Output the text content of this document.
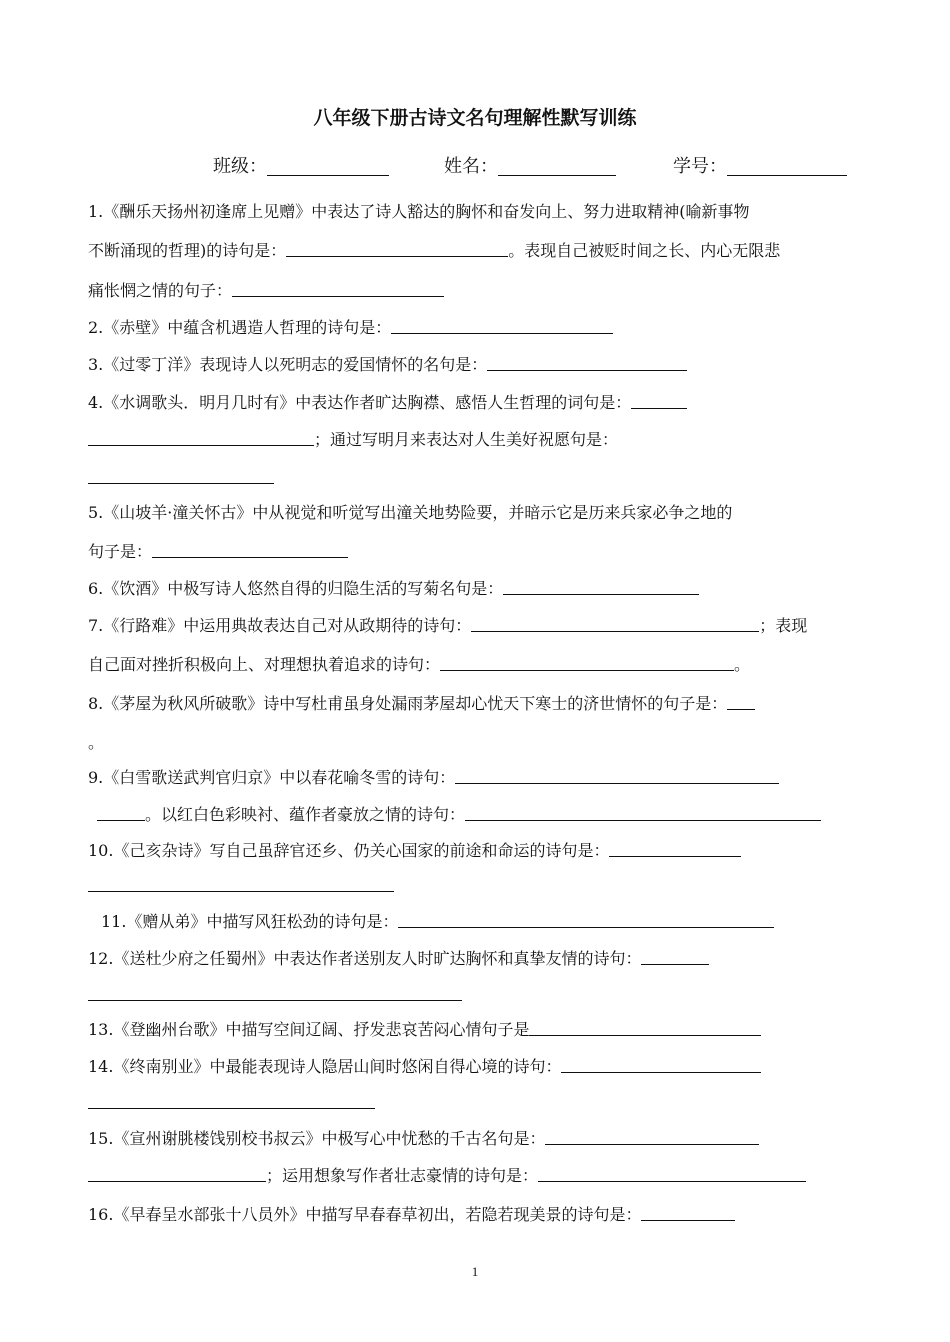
八年级下册古诗文名句理解性默写训练
班级：	姓名：	学号：
1.《酬乐天扬州初逢席上见赠》中表达了诗人豁达的胸怀和奋发向上、努力进取精神(喻新事物
不断涌现的哲理)的诗句是：	。表现自己被贬时间之长、内心无限悲
痛怅惘之情的句子：
2.《赤壁》中蕴含机遇造人哲理的诗句是：
3.《过零丁洋》表现诗人以死明志的爱国情怀的名句是：
4.《水调歌头．明月几时有》中表达作者旷达胸襟、感悟人生哲理的词句是：
；通过写明月来表达对人生美好祝愿句是：
5.《山坡羊·潼关怀古》中从视觉和听觉写出潼关地势险要，并暗示它是历来兵家必争之地的
句子是：
6.《饮酒》中极写诗人悠然自得的归隐生活的写菊名句是：
7.《行路难》中运用典故表达自己对从政期待的诗句：	；表现
自己面对挫折积极向上、对理想执着追求的诗句：	。
8.《茅屋为秋风所破歌》诗中写杜甫虽身处漏雨茅屋却心忧天下寒士的济世情怀的句子是：
。
9.《白雪歌送武判官归京》中以春花喻冬雪的诗句：
。以红白色彩映衬、蕴作者豪放之情的诗句：
10.《己亥杂诗》写自己虽辞官还乡、仍关心国家的前途和命运的诗句是：
11.《赠从弟》中描写风狂松劲的诗句是：
12.《送杜少府之任蜀州》中表达作者送别友人时旷达胸怀和真挚友情的诗句：
13.《登幽州台歌》中描写空间辽阔、抒发悲哀苦闷心情句子是
14.《终南别业》中最能表现诗人隐居山间时悠闲自得心境的诗句：
15.《宣州谢朓楼饯别校书叔云》中极写心中忧愁的千古名句是：
；运用想象写作者壮志豪情的诗句是：
16.《早春呈水部张十八员外》中描写早春春草初出，若隐若现美景的诗句是：
1
